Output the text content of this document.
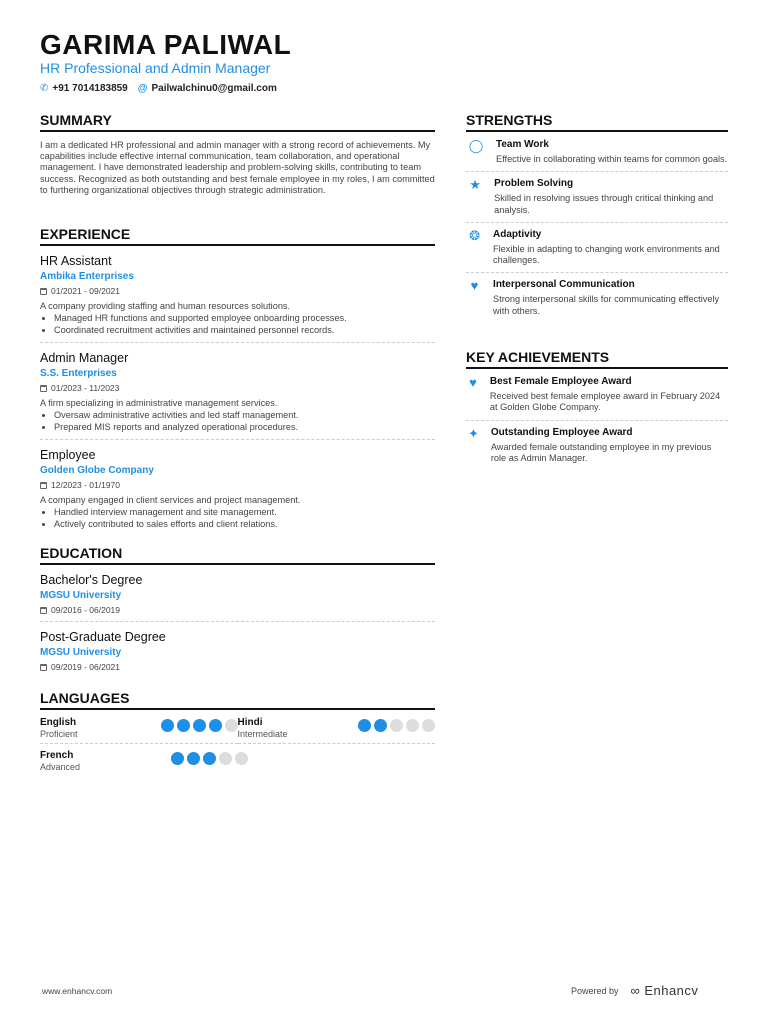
GARIMA PALIWAL
HR Professional and Admin Manager
✆ +91 7014183859 @ Pailwalchinu0@gmail.com
SUMMARY
I am a dedicated HR professional and admin manager with a strong record of achievements. My capabilities include effective internal communication, team collaboration, and operational management. I have demonstrated leadership and problem-solving skills, contributing to team success. Recognized as both outstanding and best female employee in my roles, I am committed to furthering organizational objectives through strategic administration.
EXPERIENCE
HR Assistant
Ambika Enterprises
01/2021 - 09/2021
A company providing staffing and human resources solutions.
• Managed HR functions and supported employee onboarding processes.
• Coordinated recruitment activities and maintained personnel records.
Admin Manager
S.S. Enterprises
01/2023 - 11/2023
A firm specializing in administrative management services.
• Oversaw administrative activities and led staff management.
• Prepared MIS reports and analyzed operational procedures.
Employee
Golden Globe Company
12/2023 - 01/1970
A company engaged in client services and project management.
• Handled interview management and site management.
• Actively contributed to sales efforts and client relations.
EDUCATION
Bachelor's Degree
MGSU University
09/2016 - 06/2019
Post-Graduate Degree
MGSU University
09/2019 - 06/2021
LANGUAGES
English
Proficient
Hindi
Intermediate
French
Advanced
STRENGTHS
◯ Team Work
Effective in collaborating within teams for common goals.
★	Problem Solving
Skilled in resolving issues through critical thinking and analysis.
❂	Adaptivity
Flexible in adapting to changing work environments and challenges.
♥	Interpersonal Communication
Strong interpersonal skills for communicating effectively with others.
KEY ACHIEVEMENTS
♥	Best Female Employee Award
Received best female employee award in February 2024 at Golden Globe Company.
✦ Outstanding Employee Award
Awarded female outstanding employee in my previous role as Admin Manager.
www.enhancv.com	Powered by ∞ Enhancv
